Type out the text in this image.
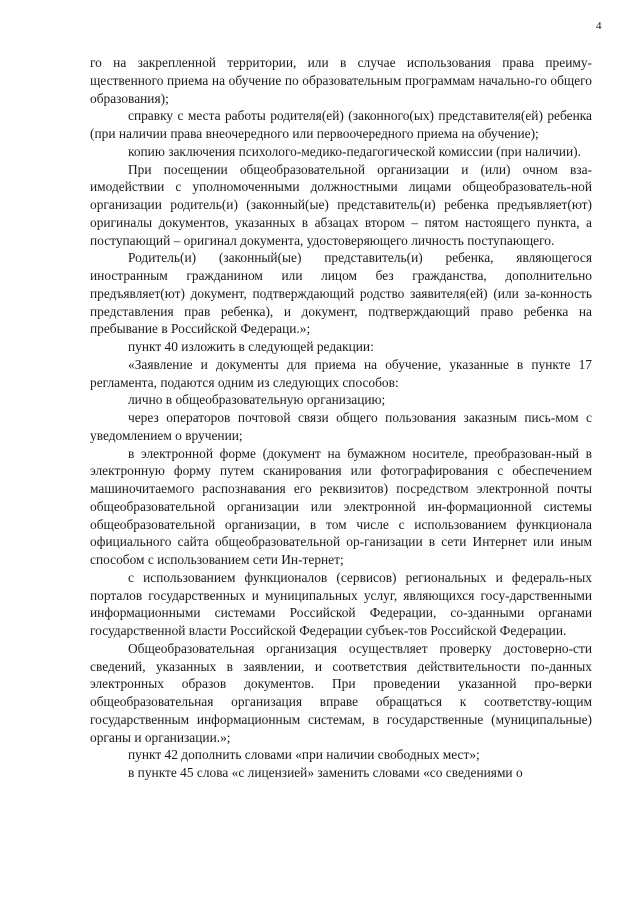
4

го на закрепленной территории, или в случае использования права преиму-щественного приема на обучение по образовательным программам начально-го общего образования);

справку с места работы родителя(ей) (законного(ых) представителя(ей) ребенка (при наличии права внеочередного или первоочередного приема на обучение);

копию заключения психолого-медико-педагогической комиссии (при наличии).

При посещении общеобразовательной организации и (или) очном вза-имодействии с уполномоченными должностными лицами общеобразователь-ной организации родитель(и) (законный(ые) представитель(и) ребенка предъявляет(ют) оригиналы документов, указанных в абзацах втором – пятом настоящего пункта, а поступающий – оригинал документа, удостоверяющего личность поступающего.

Родитель(и) (законный(ые) представитель(и) ребенка, являющегося иностранным гражданином или лицом без гражданства, дополнительно предъявляет(ют) документ, подтверждающий родство заявителя(ей) (или за-конность представления прав ребенка), и документ, подтверждающий право ребенка на пребывание в Российской Федераци.»;

пункт 40 изложить в следующей редакции:

«Заявление и документы для приема на обучение, указанные в пункте 17 регламента, подаются одним из следующих способов:

лично в общеобразовательную организацию;

через операторов почтовой связи общего пользования заказным пись-мом с уведомлением о вручении;

в электронной форме (документ на бумажном носителе, преобразован-ный в электронную форму путем сканирования или фотографирования с обеспечением машиночитаемого распознавания его реквизитов) посредством электронной почты общеобразовательной организации или электронной ин-формационной системы общеобразовательной организации, в том числе с использованием функционала официального сайта общеобразовательной ор-ганизации в сети Интернет или иным способом с использованием сети Ин-тернет;

с использованием функционалов (сервисов) региональных и федераль-ных порталов государственных и муниципальных услуг, являющихся госу-дарственными информационными системами Российской Федерации, со-зданными органами государственной власти Российской Федерации субъек-тов Российской Федерации.

Общеобразовательная организация осуществляет проверку достоверно-сти сведений, указанных в заявлении, и соответствия действительности по-данных электронных образов документов. При проведении указанной про-верки общеобразовательная организация вправе обращаться к соответству-ющим государственным информационным системам, в государственные (муниципальные) органы и организации.»;

пункт 42 дополнить словами «при наличии свободных мест»;

в пункте 45 слова «с лицензией» заменить словами «со сведениями о
